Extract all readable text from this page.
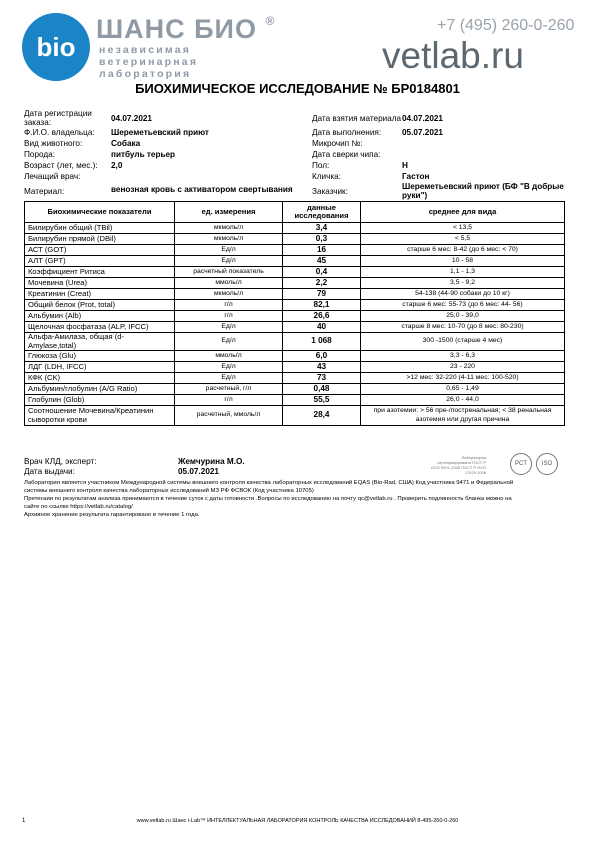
bio
ШАНС БИО ®
независимая
ветеринарная
лаборатория
+7 (495) 260-0-260
vetlab.ru
БИОХИМИЧЕСКОЕ ИССЛЕДОВАНИЕ № БР0184801
Дата регистрации
заказа:	04.07.2021	Дата взятия материала 04.07.2021
Ф.И.О. владельца: Шереметьевский приют	Дата выполнения:	05.07.2021
Вид животного:	Собака	Микрочип №:
Порода:	питбуль терьер	Дата сверки чипа:
Возраст (лет, мес.): 2,0	Пол:	Н
Лечащий врач:	Кличка:	Гастон
Материал:	венозная кровь с активатором свертывания Заказчик:
Шереметьевский приют (БФ "В добрые
руки")
Биохимические показатели	ед. измерения	данные
исследования	среднее для вида
Билирубин общий (TBil)	мкмоль/л	3,4	< 13,5
Билирубин прямой (DBil)	мкмоль/л	0,3	< 5,5
АСТ (GOT)	Ед/л	16	старше 6 мес: 8-42 (до 6 мес: < 70)
АЛТ (GPT)	Ед/л	45	10 - 58
Коэффициент Ритиса	расчетный показатель	0,4	1,1 - 1,3
Мочевина (Urea)	ммоль/л	2,2	3,5 - 9,2
Креатинин (Creat)	мкмоль/л	79	54-138 (44-90 собаки до 10 кг)
Общий белок (Prot, total)	г/л	82,1	старше 6 мес: 55-73 (до 6 мес: 44- 56)
Альбумин (Alb)	г/л	26,6	25,0 - 39,0
Щелочная фосфатаза (ALP, IFCC)	Ед/л	40	старше 8 мес: 10-70 (до 8 мес: 80-230)
Альфа-Амилаза, общая (d-Amylase,total)	Ед/л	1 068	300 -1500 (старше 4 мес)
Глюкоза (Glu)	ммоль/л	6,0	3,3 - 6,3
ЛДГ (LDH, IFCC)	Ед/л	43	23 - 220
КФК (CK)	Ед/л	73	>12 мес: 32-220 (4-11 мес: 100-520)
Альбумин/глобулин (A/G Ratio)	расчетный, г/л	0,48	0,65 - 1,49
Глобулин (Glob)	г/л	55,5	26,0 - 44,0
Соотношение Мочевина/Креатинин сыворотки крови	расчетный, ммоль/л	28,4	при азотемии: > 56 пре-/постренальная; < 38 ренальная азотемия или другая причина
Врач КЛД, эксперт:	Жемчурина М.О.
Дата выдачи:	05.07.2021
Лаборатория сертифицирована ГОСТ Р ИСО 9001-2008 ПОСТ Р ИСО 17025 2008
PCT	ISO
Лаборатория является участником Международной системы внешнего контроля качества лабораторных исследований EQAS (Bio-Rad, США) Код участника 9471 и Федеральной
системы внешнего контроля качества лабораторных исследований МЗ РФ ФСВОК (Код участника 10705)
Претензии по результатам анализа принимаются в течение суток с даты готовности .Вопросы по исследованию на почту qc@vetlab.ru . Проверить подлинность бланка можно на
сайте по ссылке https://vetlab.ru/catalog/
Архивное хранение результата гарантировано в течение 1 года.
1	www.vetlab.ru Шанс i-Lab™ ИНТЕЛЛЕКТУАЛЬНАЯ ЛАБОРАТОРИЯ КОНТРОЛЬ КАЧЕСТВА ИССЛЕДОВАНИЙ 8-495-260-0-260
